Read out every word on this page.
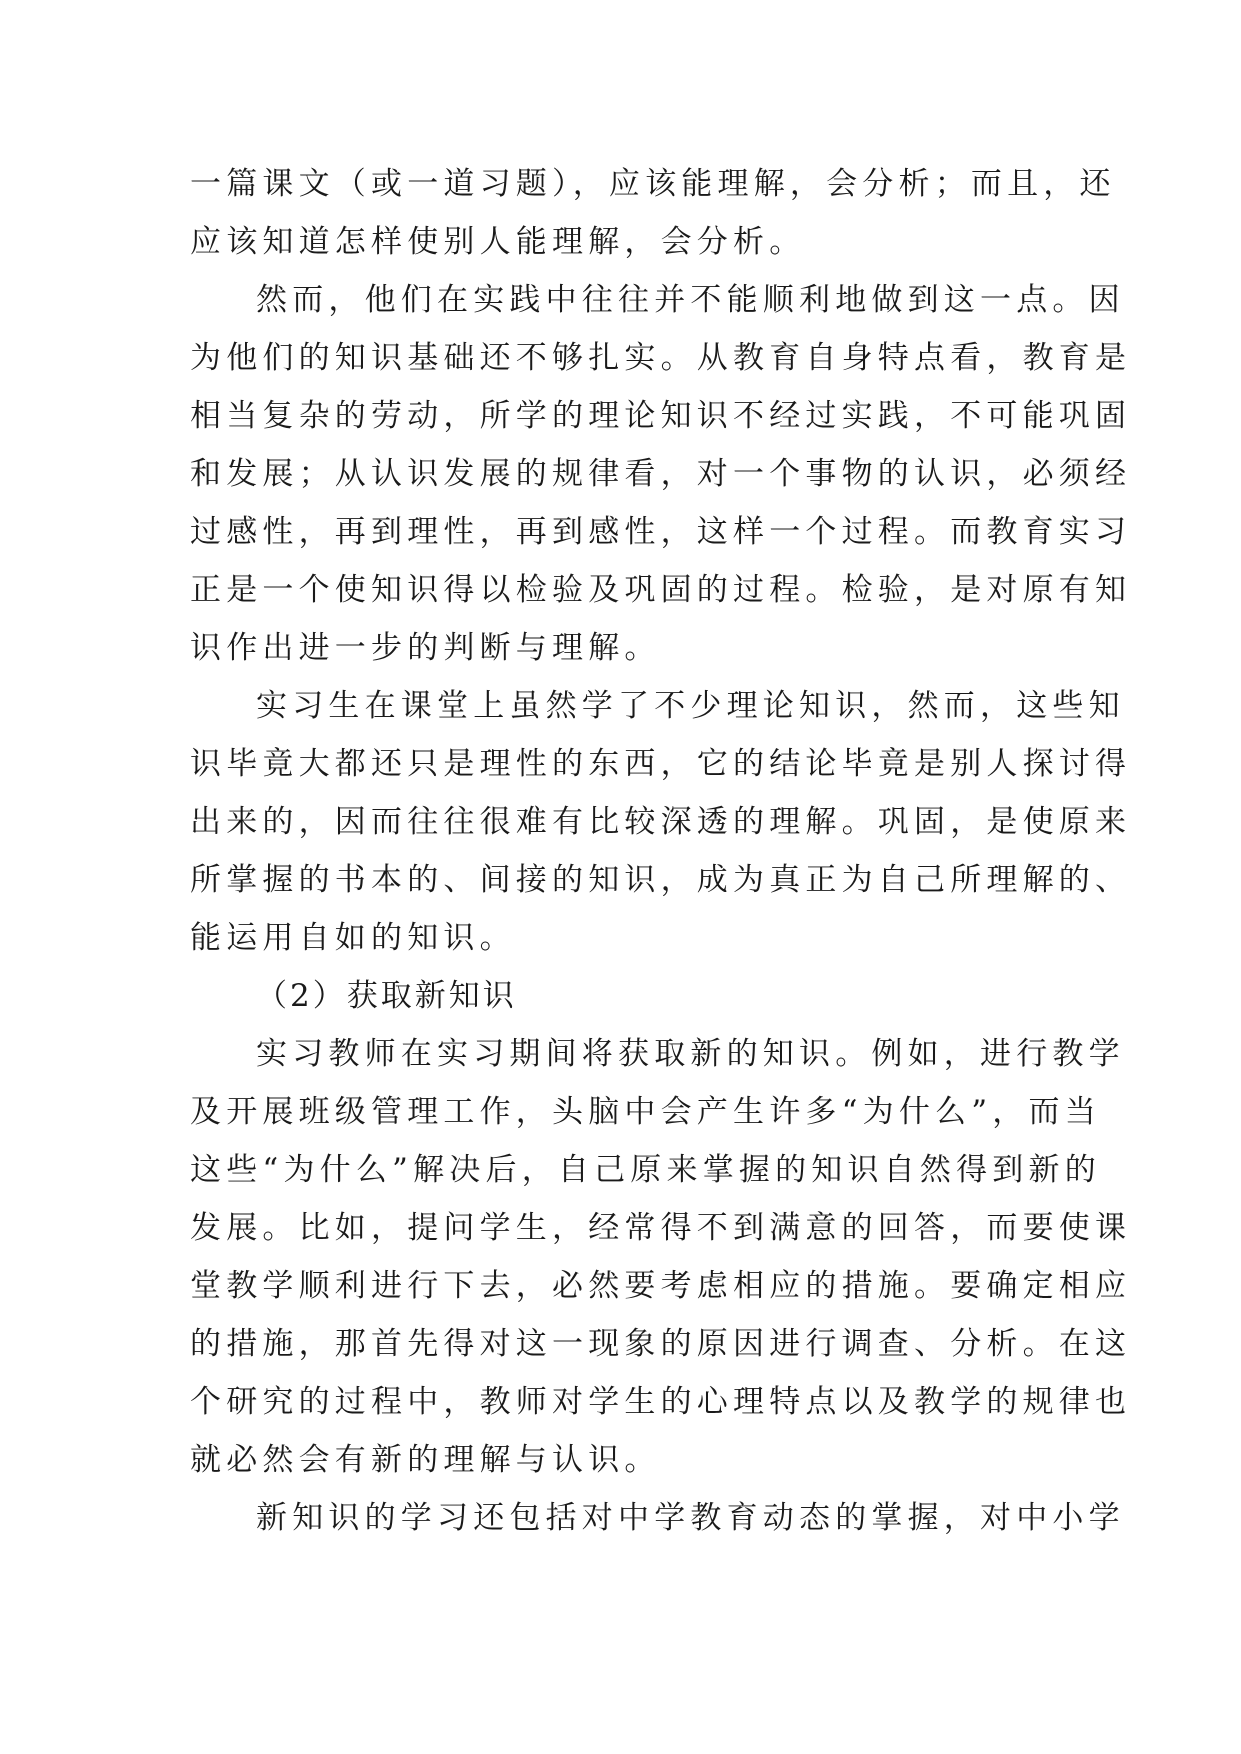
一篇课文（或一道习题），应该能理解，会分析；而且，还
应该知道怎样使别人能理解，会分析。
然而，他们在实践中往往并不能顺利地做到这一点。因
为他们的知识基础还不够扎实。从教育自身特点看，教育是
相当复杂的劳动，所学的理论知识不经过实践，不可能巩固
和发展；从认识发展的规律看，对一个事物的认识，必须经
过感性，再到理性，再到感性，这样一个过程。而教育实习
正是一个使知识得以检验及巩固的过程。检验，是对原有知
识作出进一步的判断与理解。
实习生在课堂上虽然学了不少理论知识，然而，这些知
识毕竟大都还只是理性的东西，它的结论毕竟是别人探讨得
出来的，因而往往很难有比较深透的理解。巩固，是使原来
所掌握的书本的、间接的知识，成为真正为自己所理解的、
能运用自如的知识。
（2）获取新知识
实习教师在实习期间将获取新的知识。例如，进行教学
及开展班级管理工作，头脑中会产生许多“为什么”，而当
这些“为什么”解决后，自己原来掌握的知识自然得到新的
发展。比如，提问学生，经常得不到满意的回答，而要使课
堂教学顺利进行下去，必然要考虑相应的措施。要确定相应
的措施，那首先得对这一现象的原因进行调查、分析。在这
个研究的过程中，教师对学生的心理特点以及教学的规律也
就必然会有新的理解与认识。
新知识的学习还包括对中学教育动态的掌握，对中小学
